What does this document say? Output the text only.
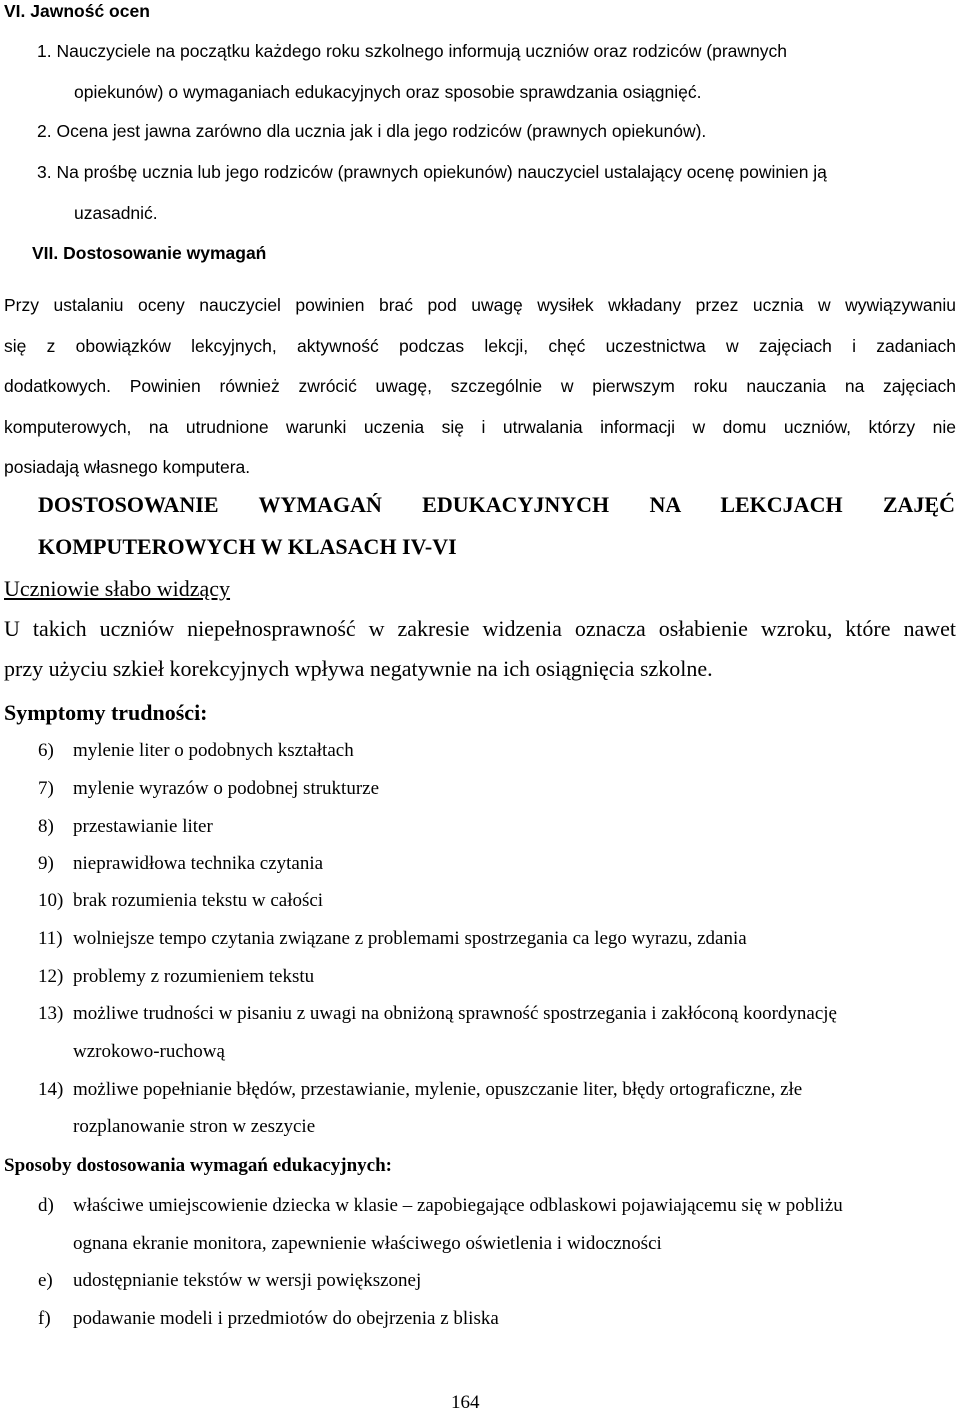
VI. Jawność ocen
1. Nauczyciele na początku każdego roku szkolnego informują uczniów oraz rodziców (prawnych
opiekunów) o wymaganiach edukacyjnych oraz sposobie sprawdzania osiągnięć.
2. Ocena jest jawna zarówno dla ucznia jak i dla jego rodziców (prawnych opiekunów).
3. Na prośbę ucznia lub jego rodziców (prawnych opiekunów) nauczyciel ustalający ocenę powinien ją
uzasadnić.
VII. Dostosowanie wymagań
Przy ustalaniu oceny nauczyciel powinien brać pod uwagę wysiłek wkładany przez ucznia w wywiązywaniu
się z obowiązków lekcyjnych, aktywność podczas lekcji, chęć uczestnictwa w zajęciach i zadaniach
dodatkowych. Powinien również zwrócić uwagę, szczególnie w pierwszym roku nauczania na zajęciach
komputerowych, na utrudnione warunki uczenia się i utrwalania informacji w domu uczniów, którzy nie
posiadają własnego komputera.
DOSTOSOWANIE WYMAGAŃ EDUKACYJNYCH NA LEKCJACH ZAJĘĆ
KOMPUTEROWYCH W KLASACH IV-VI
Uczniowie słabo widzący
U takich uczniów niepełnosprawność w zakresie widzenia oznacza osłabienie wzroku, które nawet
przy użyciu szkieł korekcyjnych wpływa negatywnie na ich osiągnięcia szkolne.
Symptomy trudności:
6) mylenie liter o podobnych kształtach
7) mylenie wyrazów o podobnej strukturze
8) przestawianie liter
9) nieprawidłowa technika czytania
10) brak rozumienia tekstu w całości
11) wolniejsze tempo czytania związane z problemami spostrzegania ca lego wyrazu, zdania
12) problemy z rozumieniem tekstu
13) możliwe trudności w pisaniu z uwagi na obniżoną sprawność spostrzegania i zakłóconą koordynację
wzrokowo-ruchową
14) możliwe popełnianie błędów, przestawianie, mylenie, opuszczanie liter, błędy ortograficzne, złe
rozplanowanie stron w zeszycie
Sposoby dostosowania wymagań edukacyjnych:
d) właściwe umiejscowienie dziecka w klasie – zapobiegające odblaskowi pojawiającemu się w pobliżu
ognana ekranie monitora, zapewnienie właściwego oświetlenia i widoczności
e) udostępnianie tekstów w wersji powiększonej
f) podawanie modeli i przedmiotów do obejrzenia z bliska
164
